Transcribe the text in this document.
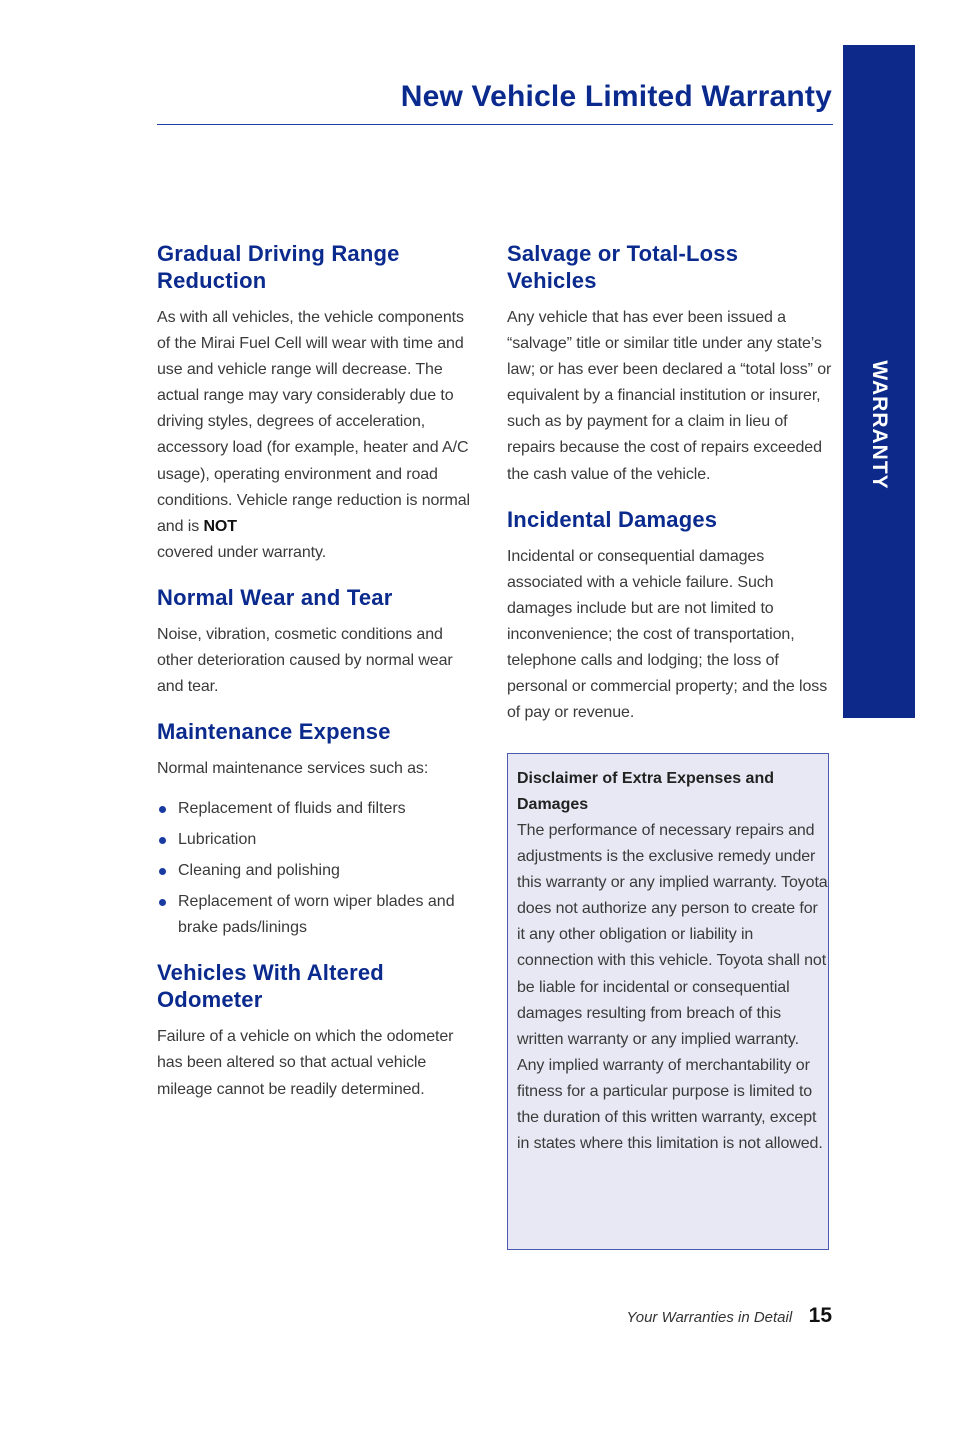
New Vehicle Limited Warranty
WARRANTY
Gradual Driving Range Reduction

As with all vehicles, the vehicle components of the Mirai Fuel Cell will wear with time and use and vehicle range will decrease. The actual range may vary considerably due to driving styles, degrees of acceleration, accessory load (for example, heater and A/C usage), operating environment and road conditions. Vehicle range reduction is normal and is NOT
covered under warranty.

Normal Wear and Tear

Noise, vibration, cosmetic conditions and other deterioration caused by normal wear and tear.

Maintenance Expense

Normal maintenance services such as:

Replacement of fluids and filters
Lubrication
Cleaning and polishing
Replacement of worn wiper blades and brake pads/linings
Vehicles With Altered Odometer

Failure of a vehicle on which the odometer has been altered so that actual vehicle mileage cannot be readily determined.

Salvage or Total-Loss Vehicles

Any vehicle that has ever been issued a “salvage” title or similar title under any state’s law; or has ever been declared a “total loss” or equivalent by a financial institution or insurer, such as by payment for a claim in lieu of repairs because the cost of repairs exceeded the cash value of the vehicle.

Incidental Damages

Incidental or consequential damages associated with a vehicle failure. Such damages include but are not limited to inconvenience; the cost of transportation, telephone calls and lodging; the loss of personal or commercial property; and the loss of pay or revenue.

Disclaimer of Extra Expenses and Damages
The performance of necessary repairs and adjustments is the exclusive remedy under this warranty or any implied warranty. Toyota does not authorize any person to create for it any other obligation or liability in connection with this vehicle. Toyota shall not be liable for incidental or consequential damages resulting from breach of this written warranty or any implied warranty. Any implied warranty of merchantability or fitness for a particular purpose is limited to the duration of this written warranty, except in states where this limitation is not allowed.
Your Warranties in Detail 15
